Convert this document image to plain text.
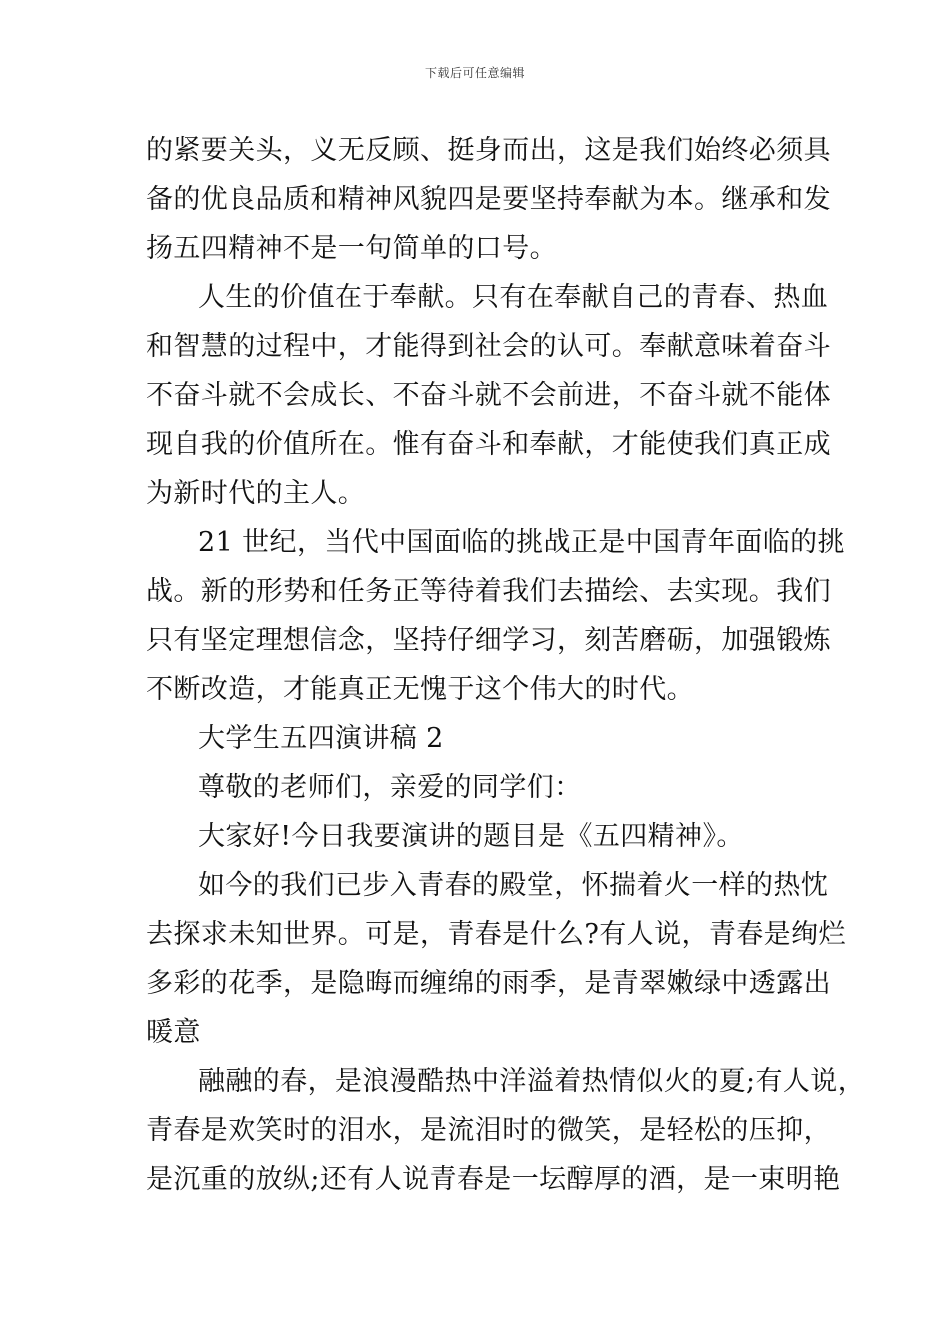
下载后可任意编辑
的紧要关头，义无反顾、挺身而出，这是我们始终必须具
备的优良品质和精神风貌四是要坚持奉献为本。继承和发
扬五四精神不是一句简单的口号。
人生的价值在于奉献。只有在奉献自己的青春、热血
和智慧的过程中，才能得到社会的认可。奉献意味着奋斗
不奋斗就不会成长、不奋斗就不会前进，不奋斗就不能体
现自我的价值所在。惟有奋斗和奉献，才能使我们真正成
为新时代的主人。
21 世纪，当代中国面临的挑战正是中国青年面临的挑
战。新的形势和任务正等待着我们去描绘、去实现。我们
只有坚定理想信念，坚持仔细学习，刻苦磨砺，加强锻炼
不断改造，才能真正无愧于这个伟大的时代。
大学生五四演讲稿 2
尊敬的老师们，亲爱的同学们：
大家好!今日我要演讲的题目是《五四精神》。
如今的我们已步入青春的殿堂，怀揣着火一样的热忱
去探求未知世界。可是，青春是什么?有人说，青春是绚烂
多彩的花季，是隐晦而缠绵的雨季，是青翠嫩绿中透露出
暖意
融融的春，是浪漫酷热中洋溢着热情似火的夏;有人说，
青春是欢笑时的泪水，是流泪时的微笑，是轻松的压抑，
是沉重的放纵;还有人说青春是一坛醇厚的酒，是一束明艳
